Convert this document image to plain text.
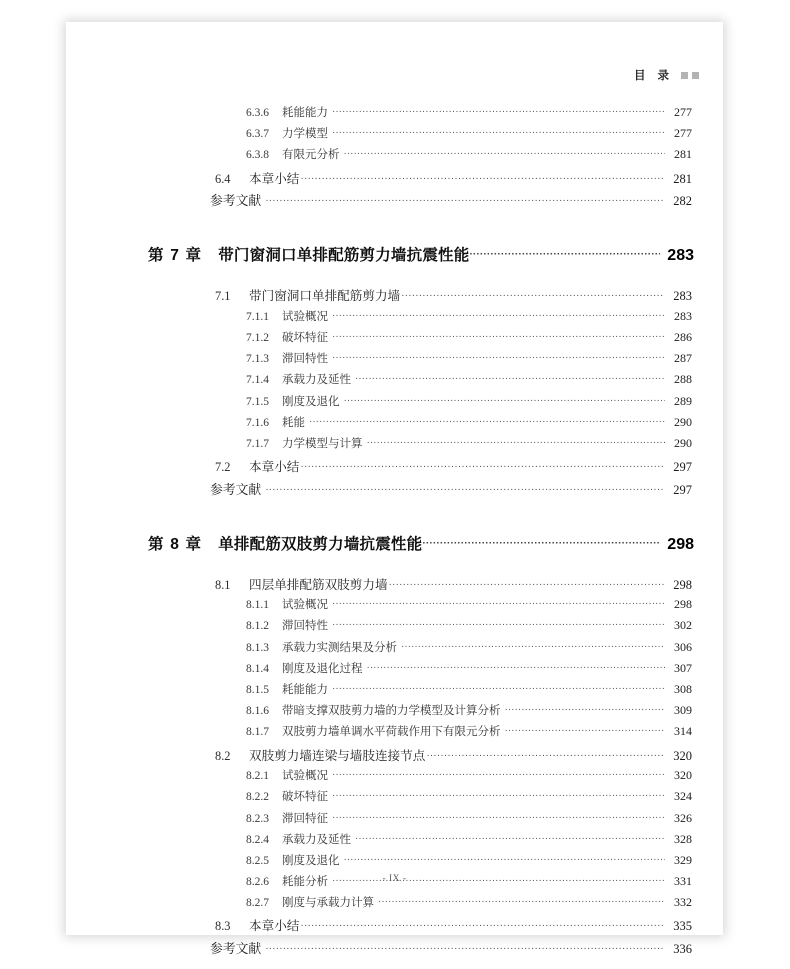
目 录
6.3.6	耗能能力 ·····	277
6.3.7	力学模型 ·····	277
6.3.8	有限元分析 ·····	281
6.4	本章小结 ·····	281
参考文献 ·····	282
第 7 章	带门窗洞口单排配筋剪力墙抗震性能 ·····	283
7.1	带门窗洞口单排配筋剪力墙 ·····	283
7.1.1	试验概况 ·····	283
7.1.2	破坏特征 ·····	286
7.1.3	滞回特性 ·····	287
7.1.4	承载力及延性 ·····	288
7.1.5	刚度及退化 ·····	289
7.1.6	耗能 ·····	290
7.1.7	力学模型与计算 ·····	290
7.2	本章小结 ·····	297
参考文献 ·····	297
第 8 章	单排配筋双肢剪力墙抗震性能 ·····	298
8.1	四层单排配筋双肢剪力墙 ·····	298
8.1.1	试验概况 ·····	298
8.1.2	滞回特性 ·····	302
8.1.3	承载力实测结果及分析 ·····	306
8.1.4	刚度及退化过程 ·····	307
8.1.5	耗能能力 ·····	308
8.1.6	带暗支撑双肢剪力墙的力学模型及计算分析 ·····	309
8.1.7	双肢剪力墙单调水平荷载作用下有限元分析 ·····	314
8.2	双肢剪力墙连梁与墙肢连接节点 ·····	320
8.2.1	试验概况 ·····	320
8.2.2	破坏特征 ·····	324
8.2.3	滞回特征 ·····	326
8.2.4	承载力及延性 ·····	328
8.2.5	刚度及退化 ·····	329
8.2.6	耗能分析 ·····	331
8.2.7	刚度与承载力计算 ·····	332
8.3	本章小结 ·····	335
参考文献 ·····	336
- IX -
